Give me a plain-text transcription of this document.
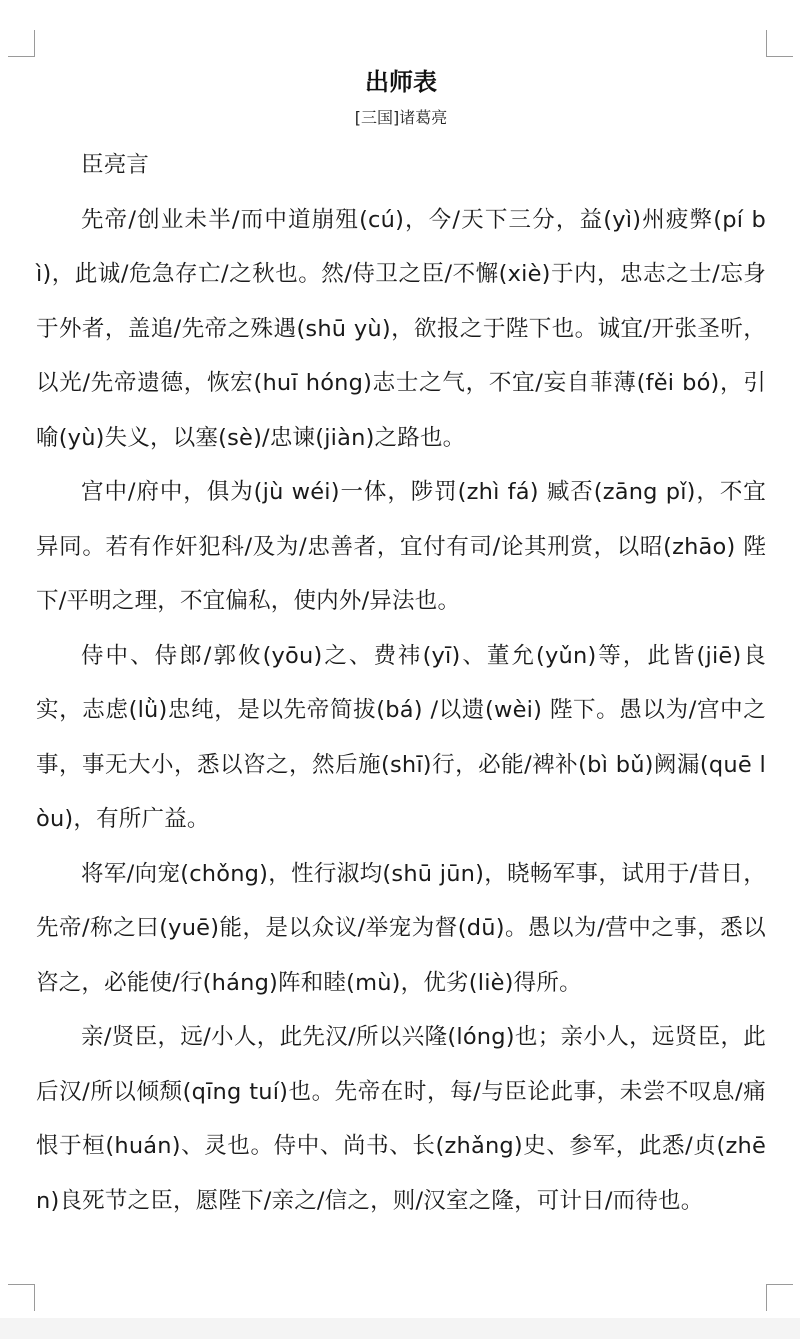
出师表
[三国]诸葛亮

臣亮言

先帝/创业未半/而中道崩殂(cú)，今/天下三分，益(yì)州疲弊(pí bì)，此诚/危急存亡/之秋也。然/侍卫之臣/不懈(xiè)于内，忠志之士/忘身于外者，盖追/先帝之殊遇(shū yù)，欲报之于陛下也。诚宜/开张圣听，以光/先帝遗德，恢宏(huī hóng)志士之气，不宜/妄自菲薄(fěi bó)，引喻(yù)失义，以塞(sè)/忠谏(jiàn)之路也。

宫中/府中，俱为(jù wéi)一体，陟罚(zhì fá) 臧否(zāng pǐ)，不宜异同。若有作奸犯科/及为/忠善者，宜付有司/论其刑赏，以昭(zhāo) 陛下/平明之理，不宜偏私，使内外/异法也。

侍中、侍郎/郭攸(yōu)之、费祎(yī)、董允(yǔn)等，此皆(jiē)良实，志虑(lǜ)忠纯，是以先帝简拔(bá) /以遗(wèi) 陛下。愚以为/宫中之事，事无大小，悉以咨之，然后施(shī)行，必能/裨补(bì bǔ)阙漏(quē lòu)，有所广益。

将军/向宠(chǒng)，性行淑均(shū jūn)，晓畅军事，试用于/昔日，先帝/称之曰(yuē)能，是以众议/举宠为督(dū)。愚以为/营中之事，悉以咨之，必能使/行(háng)阵和睦(mù)，优劣(liè)得所。

亲/贤臣，远/小人，此先汉/所以兴隆(lóng)也；亲小人，远贤臣，此后汉/所以倾颓(qīng tuí)也。先帝在时，每/与臣论此事，未尝不叹息/痛恨于桓(huán)、灵也。侍中、尚书、长(zhǎng)史、参军，此悉/贞(zhēn)良死节之臣，愿陛下/亲之/信之，则/汉室之隆，可计日/而待也。
